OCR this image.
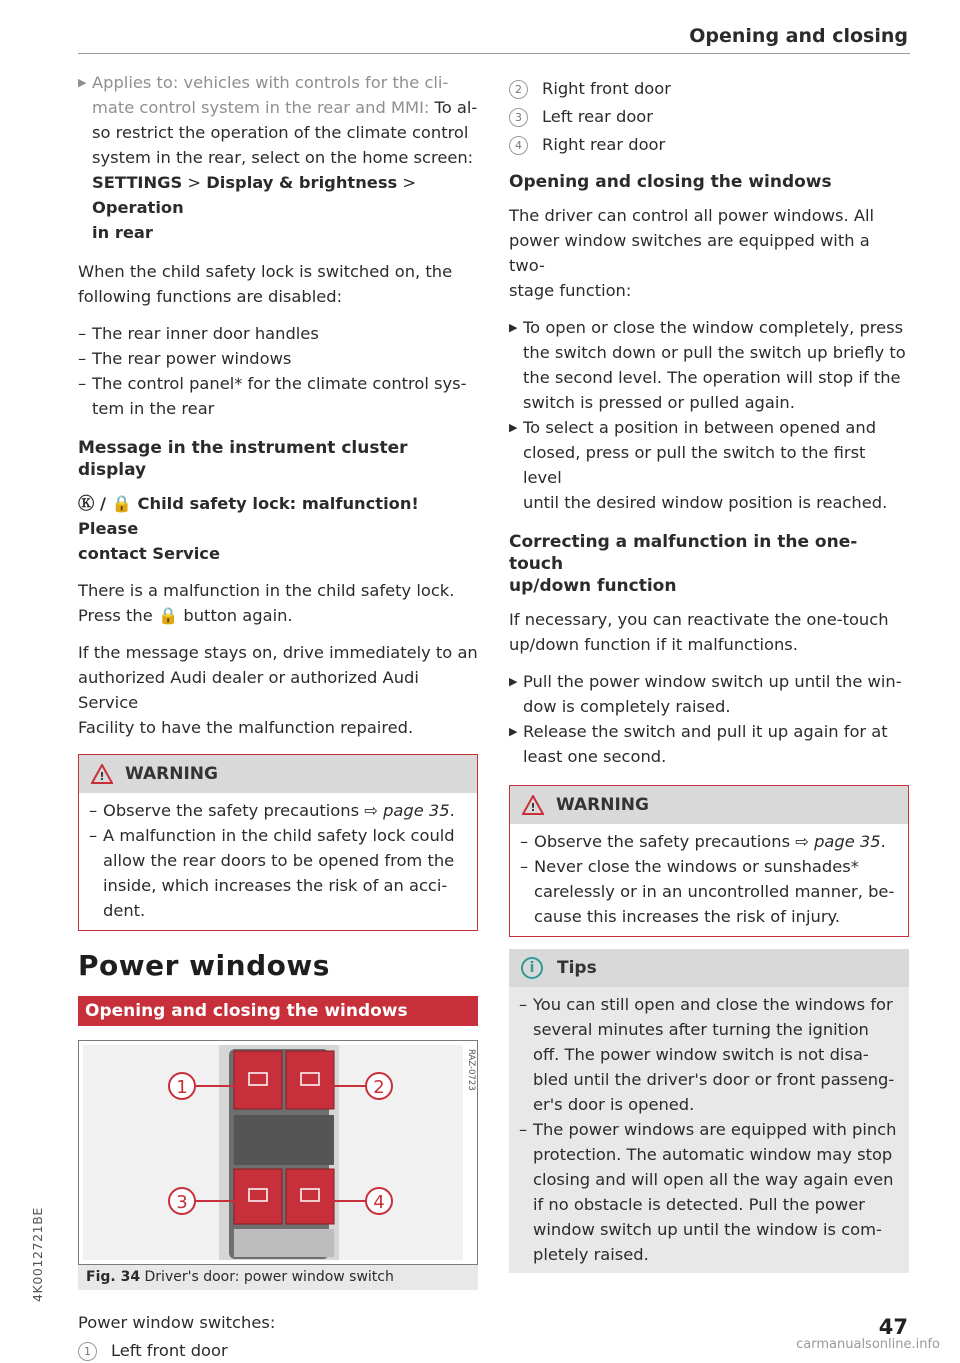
Opening and closing
▶ Applies to: vehicles with controls for the cli-
mate control system in the rear and MMI: To al-
so restrict the operation of the climate control
system in the rear, select on the home screen:
SETTINGS > Display & brightness > Operation
in rear

When the child safety lock is switched on, the
following functions are disabled:

– The rear inner door handles
– The rear power windows
– The control panel* for the climate control sys-
tem in the rear
Message in the instrument cluster display

Ⓚ / 🔒 Child safety lock: malfunction! Please
contact Service

There is a malfunction in the child safety lock.
Press the 🔒 button again.

If the message stays on, drive immediately to an
authorized Audi dealer or authorized Audi Service
Facility to have the malfunction repaired.

! WARNING
– Observe the safety precautions ⇨ page 35.
– A malfunction in the child safety lock could
allow the rear doors to be opened from the
inside, which increases the risk of an acci-
dent.
Power windows
Opening and closing the windows
1	2
3	4
RAZ-0723
Fig. 34 Driver's door: power window switch

Power window switches:

1 Left front door

2 Right front door

3 Left rear door

4 Right rear door

Opening and closing the windows

The driver can control all power windows. All
power window switches are equipped with a two-
stage function:

▶ To open or close the window completely, press
the switch down or pull the switch up briefly to
the second level. The operation will stop if the
switch is pressed or pulled again.
▶ To select a position in between opened and
closed, press or pull the switch to the first level
until the desired window position is reached.
Correcting a malfunction in the one-touch
up/down function

If necessary, you can reactivate the one-touch
up/down function if it malfunctions.

▶ Pull the power window switch up until the win-
dow is completely raised.
▶ Release the switch and pull it up again for at
least one second.
! WARNING
– Observe the safety precautions ⇨ page 35.
– Never close the windows or sunshades*
carelessly or in an uncontrolled manner, be-
cause this increases the risk of injury.
i	Tips
– You can still open and close the windows for
several minutes after turning the ignition
off. The power window switch is not disa-
bled until the driver's door or front passeng-
er's door is opened.
– The power windows are equipped with pinch
protection. The automatic window may stop
closing and will open all the way again even
if no obstacle is detected. Pull the power
window switch up until the window is com-
pletely raised.
4K0012721BE
47
carmanualsonline.info
